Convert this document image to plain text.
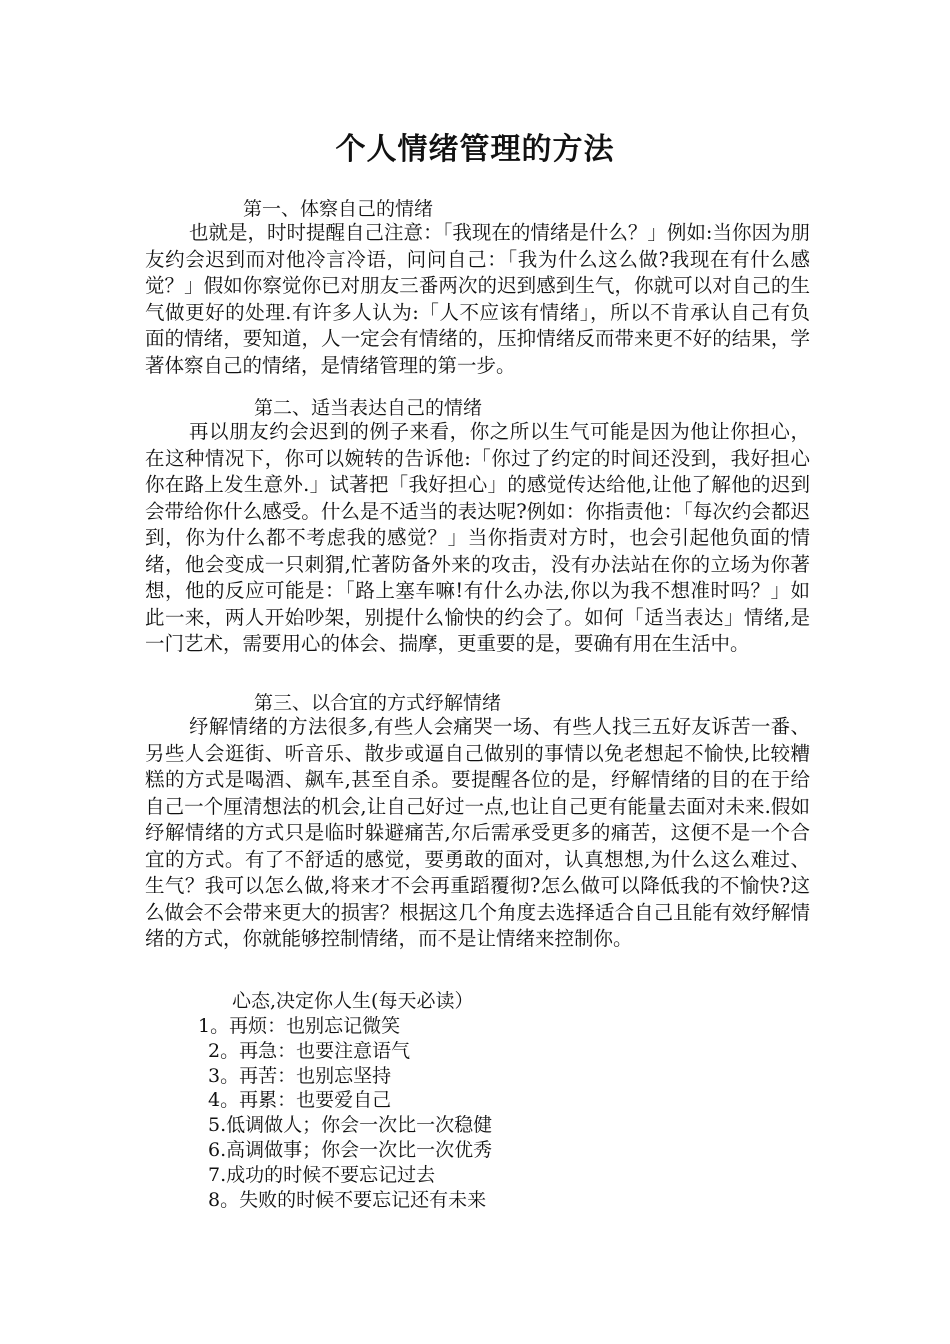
个人情绪管理的方法
第一、体察自己的情绪
也就是，时时提醒自己注意：「我现在的情绪是什么？」例如:当你因为朋友约会迟到而对他冷言冷语，问问自己：「我为什么这么做?我现在有什么感觉？」假如你察觉你已对朋友三番两次的迟到感到生气，你就可以对自己的生气做更好的处理.有许多人认为:「人不应该有情绪」，所以不肯承认自己有负面的情绪，要知道，人一定会有情绪的，压抑情绪反而带来更不好的结果，学著体察自己的情绪，是情绪管理的第一步。
第二、适当表达自己的情绪
再以朋友约会迟到的例子来看，你之所以生气可能是因为他让你担心，在这种情况下，你可以婉转的告诉他:「你过了约定的时间还没到，我好担心你在路上发生意外.」试著把「我好担心」的感觉传达给他,让他了解他的迟到会带给你什么感受。什么是不适当的表达呢?例如：你指责他：「每次约会都迟到，你为什么都不考虑我的感觉？」当你指责对方时，也会引起他负面的情绪，他会变成一只刺猬,忙著防备外来的攻击，没有办法站在你的立场为你著想，他的反应可能是：「路上塞车嘛!有什么办法,你以为我不想准时吗？」如此一来，两人开始吵架，别提什么愉快的约会了。如何「适当表达」情绪,是一门艺术，需要用心的体会、揣摩，更重要的是，要确有用在生活中。
第三、以合宜的方式纾解情绪
纾解情绪的方法很多,有些人会痛哭一场、有些人找三五好友诉苦一番、另些人会逛街、听音乐、散步或逼自己做别的事情以免老想起不愉快,比较糟糕的方式是喝酒、飙车,甚至自杀。要提醒各位的是，纾解情绪的目的在于给自己一个厘清想法的机会,让自己好过一点,也让自己更有能量去面对未来.假如纾解情绪的方式只是临时躲避痛苦,尔后需承受更多的痛苦，这便不是一个合宜的方式。有了不舒适的感觉，要勇敢的面对，认真想想,为什么这么难过、生气？我可以怎么做,将来才不会再重蹈覆彻?怎么做可以降低我的不愉快?这么做会不会带来更大的损害？根据这几个角度去选择适合自己且能有效纾解情绪的方式，你就能够控制情绪，而不是让情绪来控制你。
心态,决定你人生(每天必读）
1。再烦：也别忘记微笑
2。再急：也要注意语气
3。再苦：也别忘坚持
4。再累：也要爱自己
5.低调做人；你会一次比一次稳健
6.高调做事；你会一次比一次优秀
7.成功的时候不要忘记过去
8。失败的时候不要忘记还有未来
